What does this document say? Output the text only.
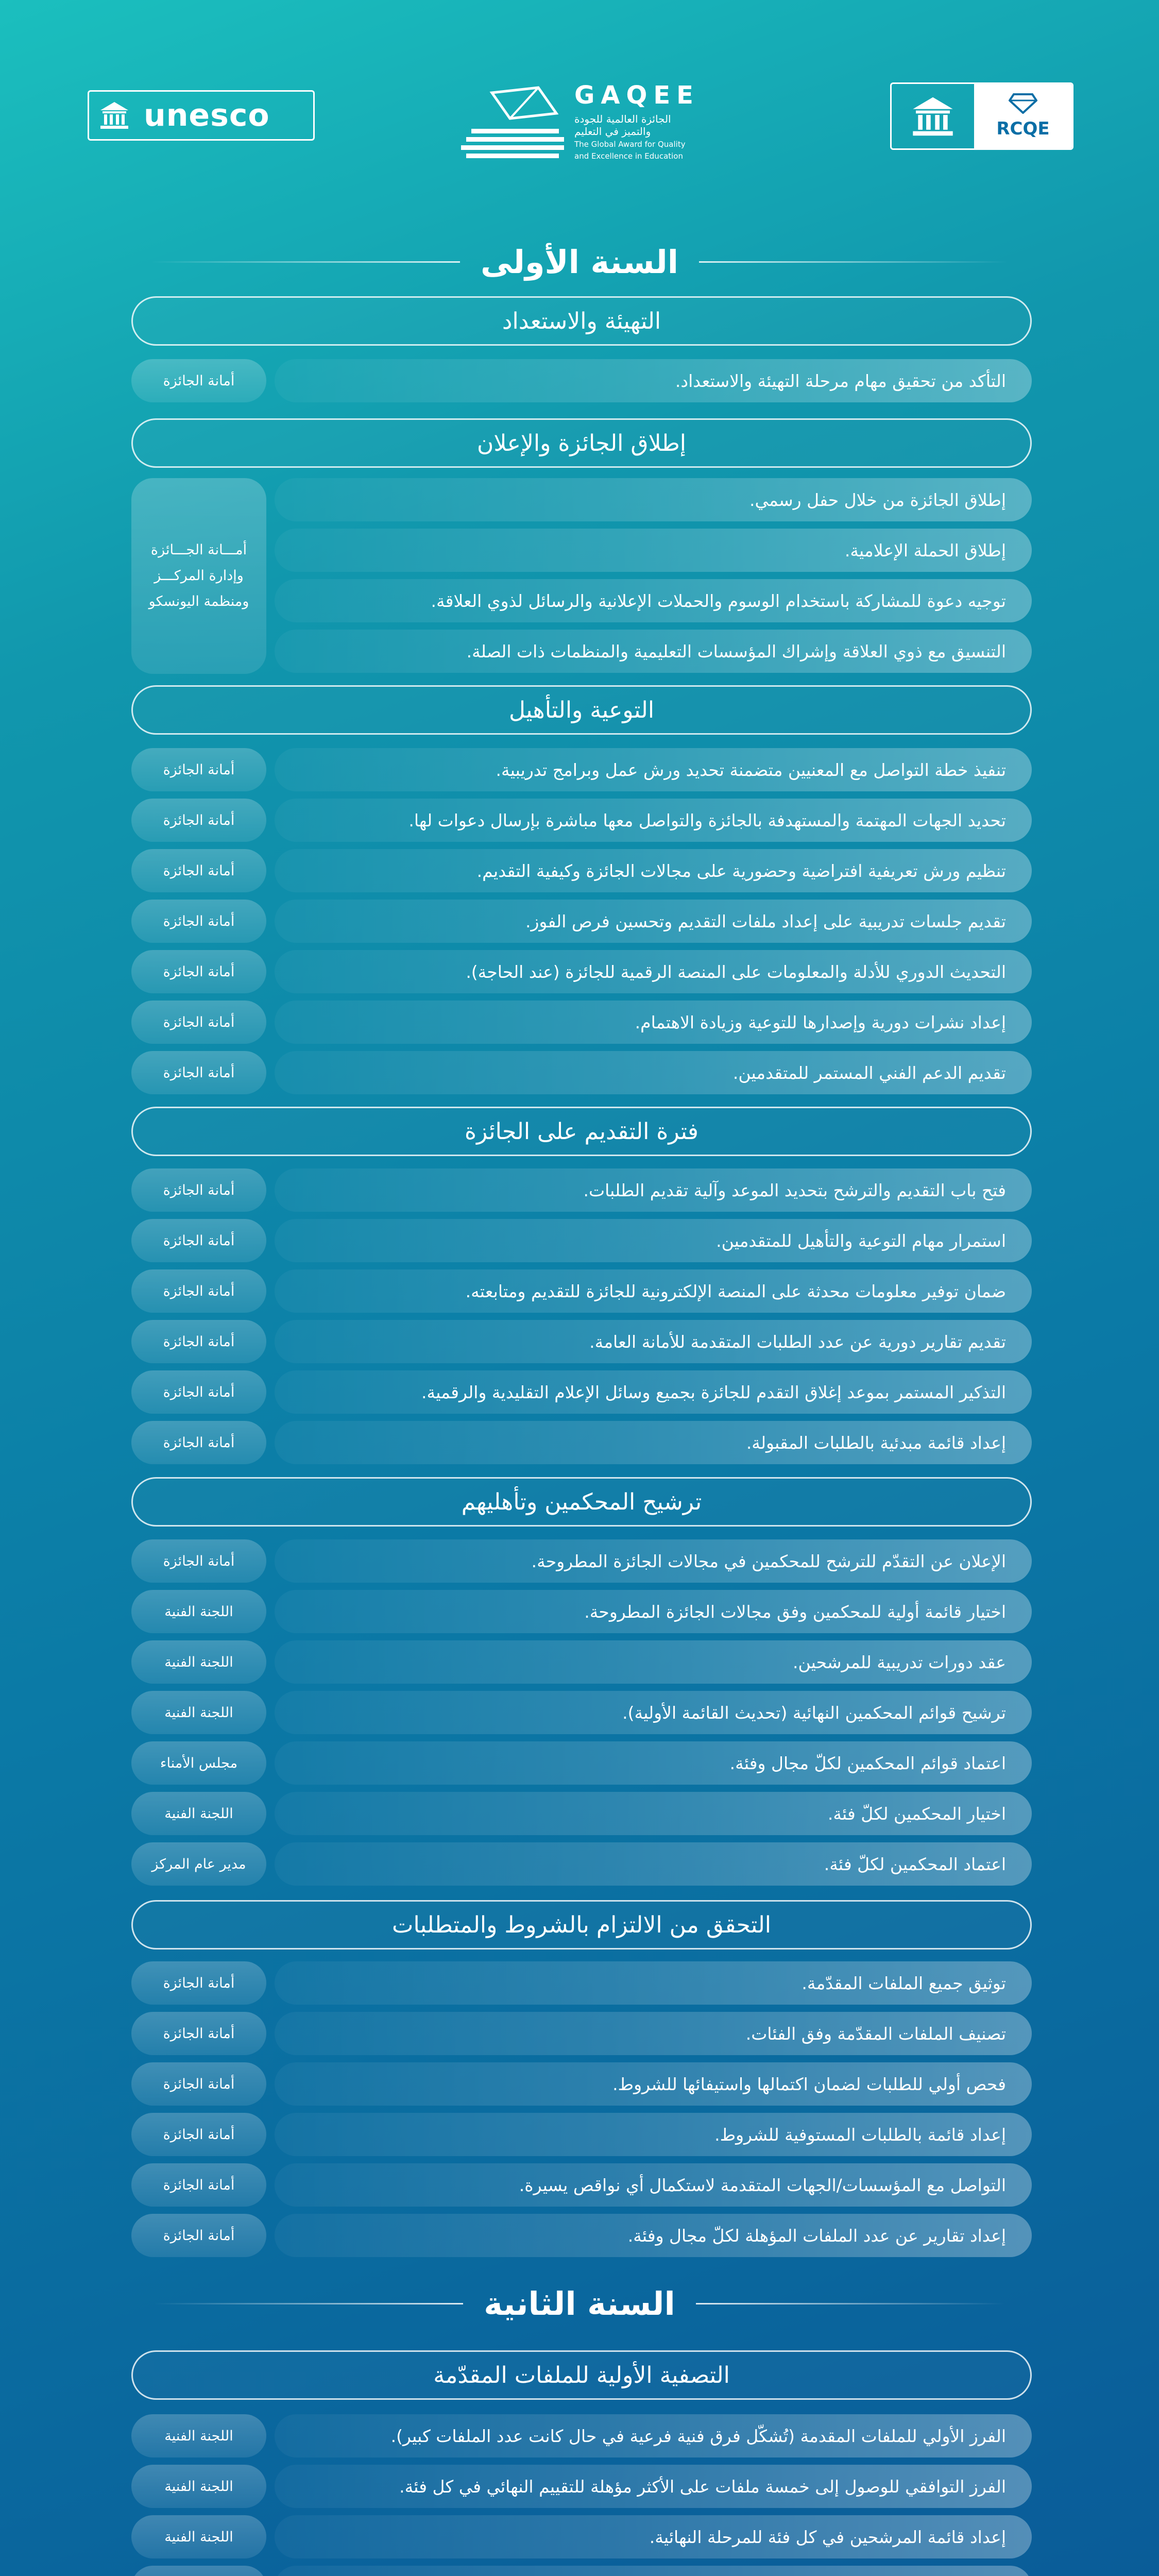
unesco
GAQEE
الجائزة العالمية للجودة والتميز في التعليم
The Global Award for Quality
and Excellence in Education
RCQE
السنة الأولى
التهيئة والاستعداد
التأكد من تحقيق مهام مرحلة التهيئة والاستعداد.
أمانة الجائزة
إطلاق الجائزة والإعلان
أمـــانة الجـــائزة
وإدارة المركـــز
ومنظمة اليونسكو
إطلاق الجائزة من خلال حفل رسمي.
إطلاق الحملة الإعلامية.
توجيه دعوة للمشاركة باستخدام الوسوم والحملات الإعلانية والرسائل لذوي العلاقة.
التنسيق مع ذوي العلاقة وإشراك المؤسسات التعليمية والمنظمات ذات الصلة.
التوعية والتأهيل
تنفيذ خطة التواصل مع المعنيين متضمنة تحديد ورش عمل وبرامج تدريبية.
أمانة الجائزة
تحديد الجهات المهتمة والمستهدفة بالجائزة والتواصل معها مباشرة بإرسال دعوات لها.
أمانة الجائزة
تنظيم ورش تعريفية افتراضية وحضورية على مجالات الجائزة وكيفية التقديم.
أمانة الجائزة
تقديم جلسات تدريبية على إعداد ملفات التقديم وتحسين فرص الفوز.
أمانة الجائزة
التحديث الدوري للأدلة والمعلومات على المنصة الرقمية للجائزة (عند الحاجة).
أمانة الجائزة
إعداد نشرات دورية وإصدارها للتوعية وزيادة الاهتمام.
أمانة الجائزة
تقديم الدعم الفني المستمر للمتقدمين.
أمانة الجائزة
فترة التقديم على الجائزة
فتح باب التقديم والترشح بتحديد الموعد وآلية تقديم الطلبات.
أمانة الجائزة
استمرار مهام التوعية والتأهيل للمتقدمين.
أمانة الجائزة
ضمان توفير معلومات محدثة على المنصة الإلكترونية للجائزة للتقديم ومتابعته.
أمانة الجائزة
تقديم تقارير دورية عن عدد الطلبات المتقدمة للأمانة العامة.
أمانة الجائزة
التذكير المستمر بموعد إغلاق التقدم للجائزة بجميع وسائل الإعلام التقليدية والرقمية.
أمانة الجائزة
إعداد قائمة مبدئية بالطلبات المقبولة.
أمانة الجائزة
ترشيح المحكمين وتأهليهم
الإعلان عن التقدّم للترشح للمحكمين في مجالات الجائزة المطروحة.
أمانة الجائزة
اختيار قائمة أولية للمحكمين وفق مجالات الجائزة المطروحة.
اللجنة الفنية
عقد دورات تدريبية للمرشحين.
اللجنة الفنية
ترشيح قوائم المحكمين النهائية (تحديث القائمة الأولية).
اللجنة الفنية
اعتماد قوائم المحكمين لكلّ مجال وفئة.
مجلس الأمناء
اختيار المحكمين لكلّ فئة.
اللجنة الفنية
اعتماد المحكمين لكلّ فئة.
مدير عام المركز
التحقق من الالتزام بالشروط والمتطلبات
توثيق جميع الملفات المقدّمة.
أمانة الجائزة
تصنيف الملفات المقدّمة وفق الفئات.
أمانة الجائزة
فحص أولي للطلبات لضمان اكتمالها واستيفائها للشروط.
أمانة الجائزة
إعداد قائمة بالطلبات المستوفية للشروط.
أمانة الجائزة
التواصل مع المؤسسات/الجهات المتقدمة لاستكمال أي نواقص يسيرة.
أمانة الجائزة
إعداد تقارير عن عدد الملفات المؤهلة لكلّ مجال وفئة.
أمانة الجائزة
السنة الثانية
التصفية الأولية للملفات المقدّمة
الفرز الأولي للملفات المقدمة (تُشكّل فرق فنية فرعية في حال كانت عدد الملفات كبير).
اللجنة الفنية
الفرز التوافقي للوصول إلى خمسة ملفات على الأكثر مؤهلة للتقييم النهائي في كل فئة.
اللجنة الفنية
إعداد قائمة المرشحين في كل فئة للمرحلة النهائية.
اللجنة الفنية
